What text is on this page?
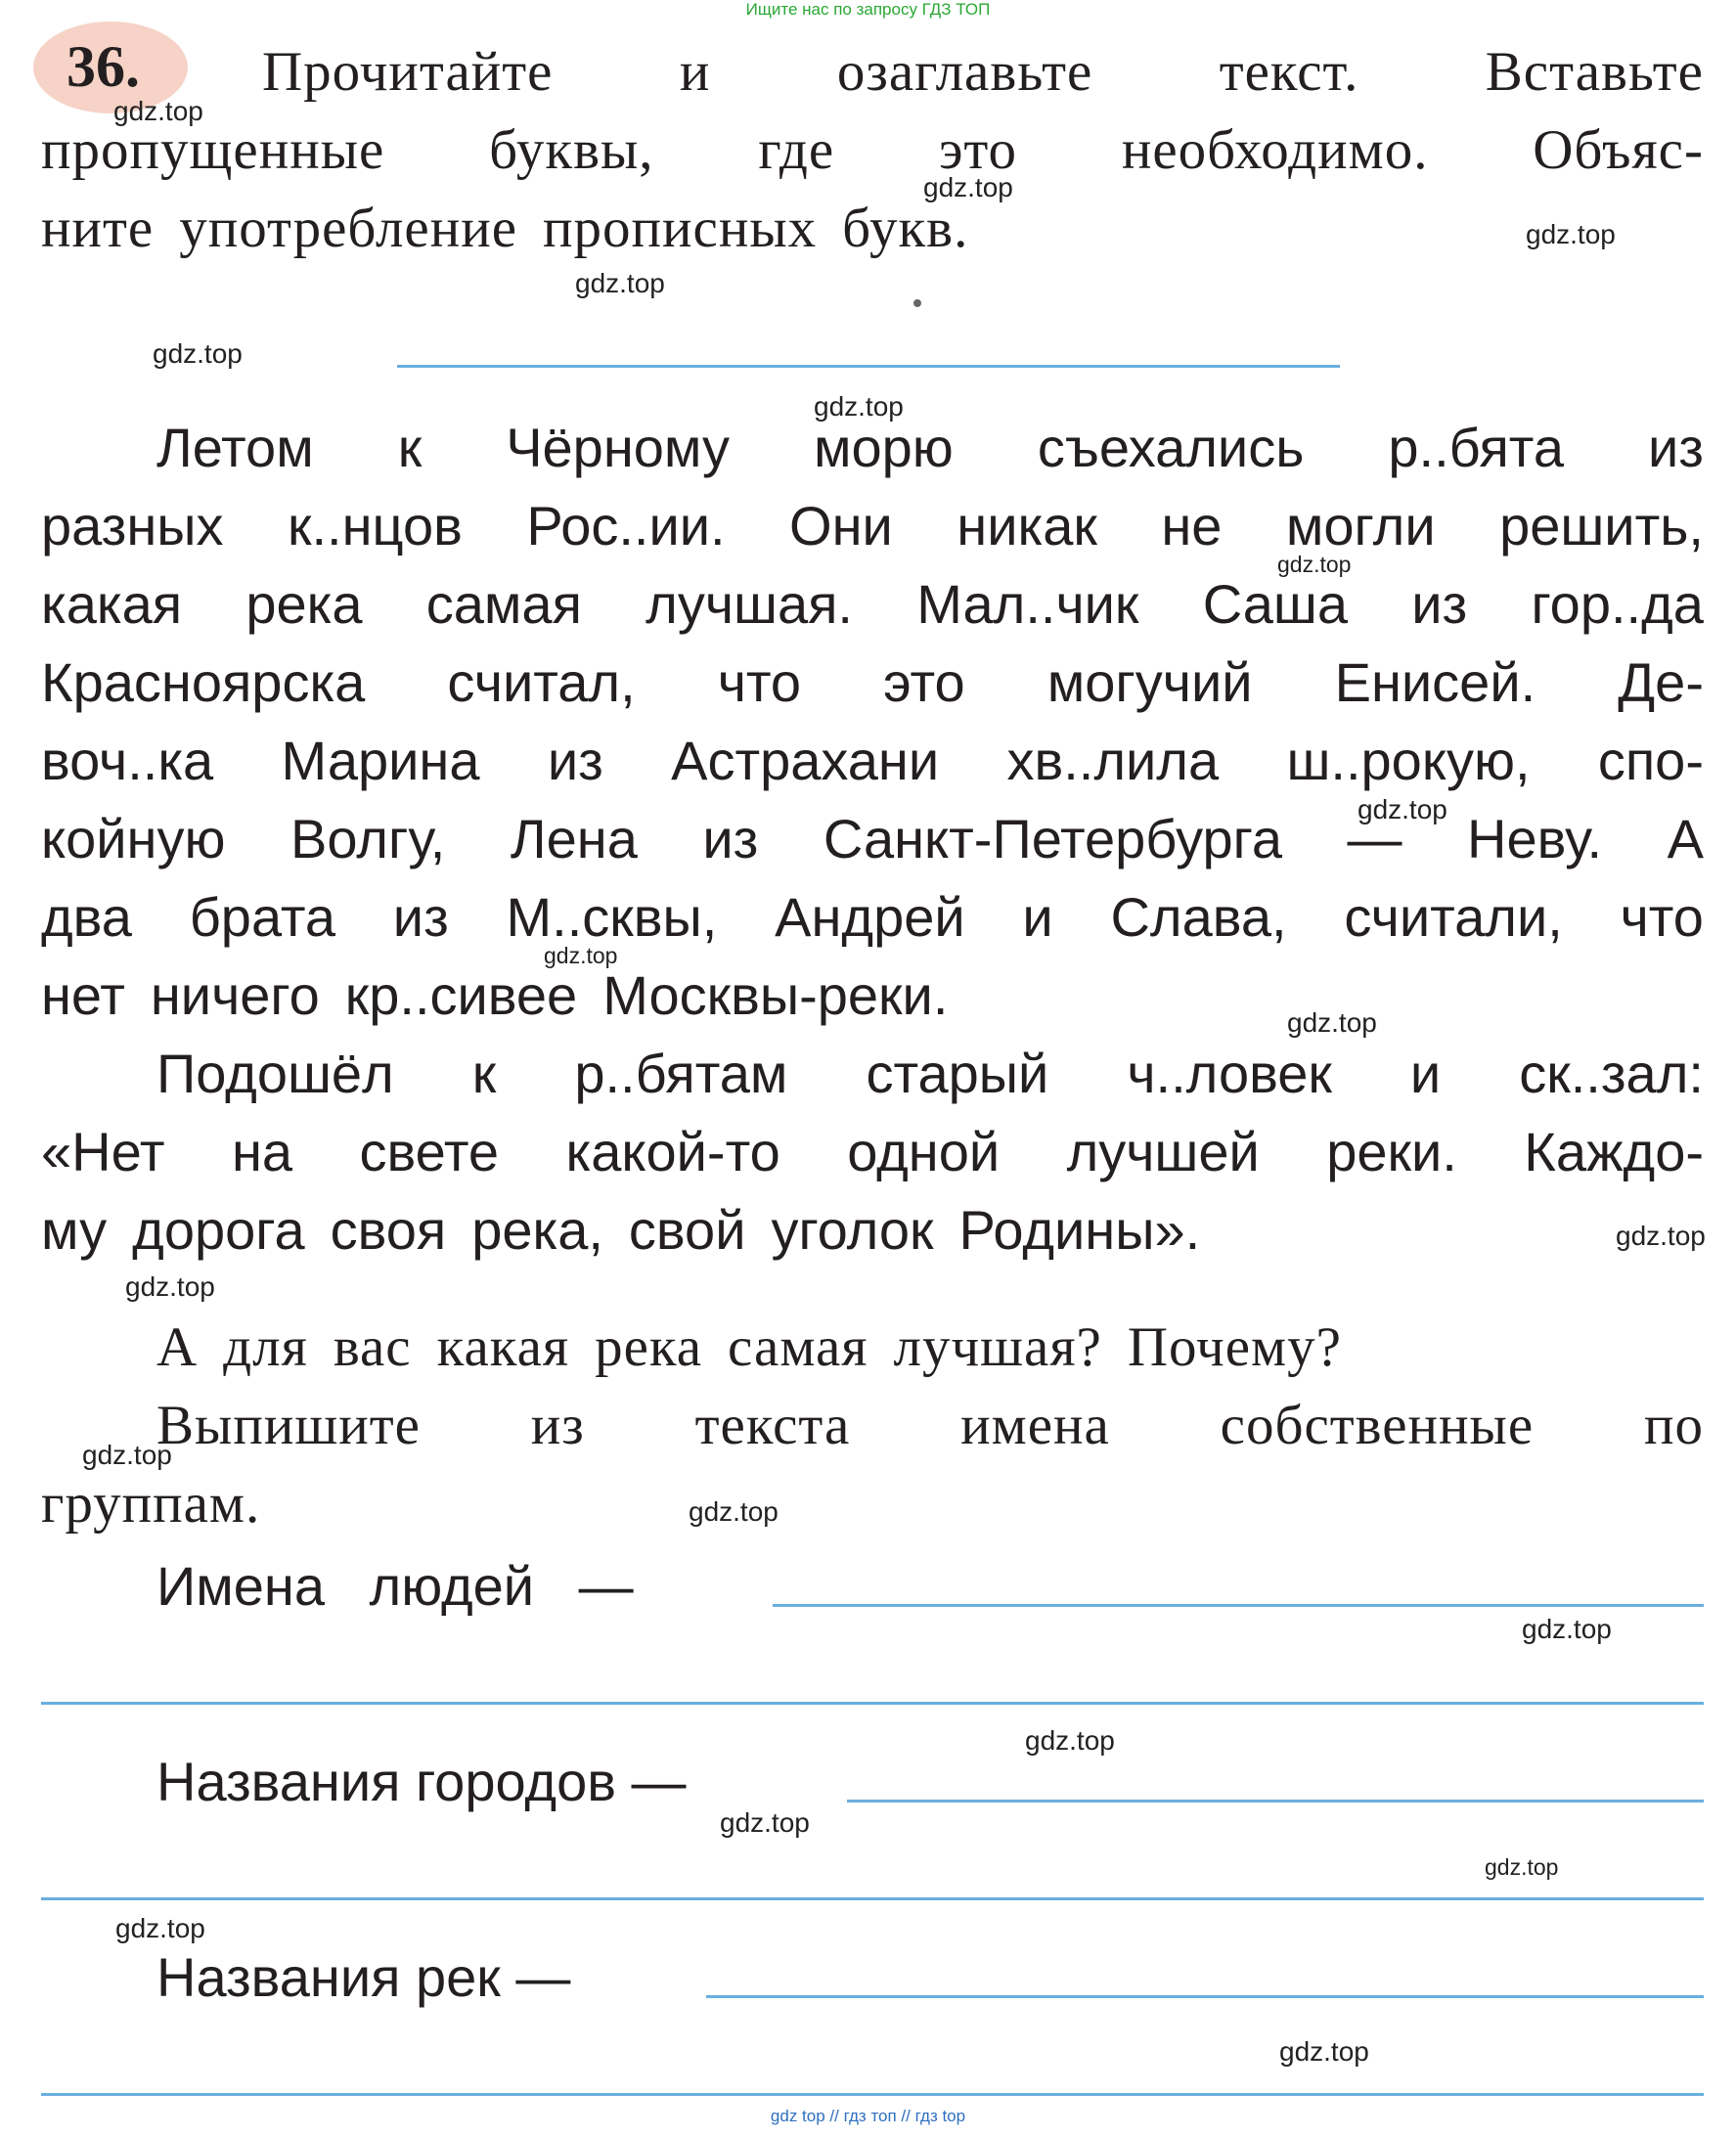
Ищите нас по запросу ГДЗ ТОП
36. Прочитайте и озаглавьте текст. Вставьте
пропущенные буквы, где это необходимо. Объяс-
ните употребление прописных букв.
Летом к Чёрному морю съехались р..бята из
разных к..нцов Рос..ии. Они никак не могли решить,
какая река самая лучшая. Мал..чик Саша из гор..да
Красноярска считал, что это могучий Енисей. Де-
воч..ка Марина из Астрахани хв..лила ш..рокую, спо-
койную Волгу, Лена из Санкт-Петербурга — Неву. А
два брата из М..сквы, Андрей и Слава, считали, что
нет ничего кр..сивее Москвы-реки.
Подошёл к р..бятам старый ч..ловек и ск..зал:
«Нет на свете какой-то одной лучшей реки. Каждо-
му дорога своя река, свой уголок Родины».
А для вас какая река самая лучшая? Почему?
Выпишите из текста имена собственные по
группам.
Имена людей —
Названия городов —
Названия рек —
gdz.top
gdz.top
gdz.top
gdz.top
gdz.top
gdz.top
gdz.top
gdz.top
gdz.top
gdz.top
gdz.top
gdz.top
gdz.top
gdz.top
gdz.top
gdz.top
gdz.top
gdz.top
gdz.top
gdz.top
gdz top // гдз топ // гдз top
